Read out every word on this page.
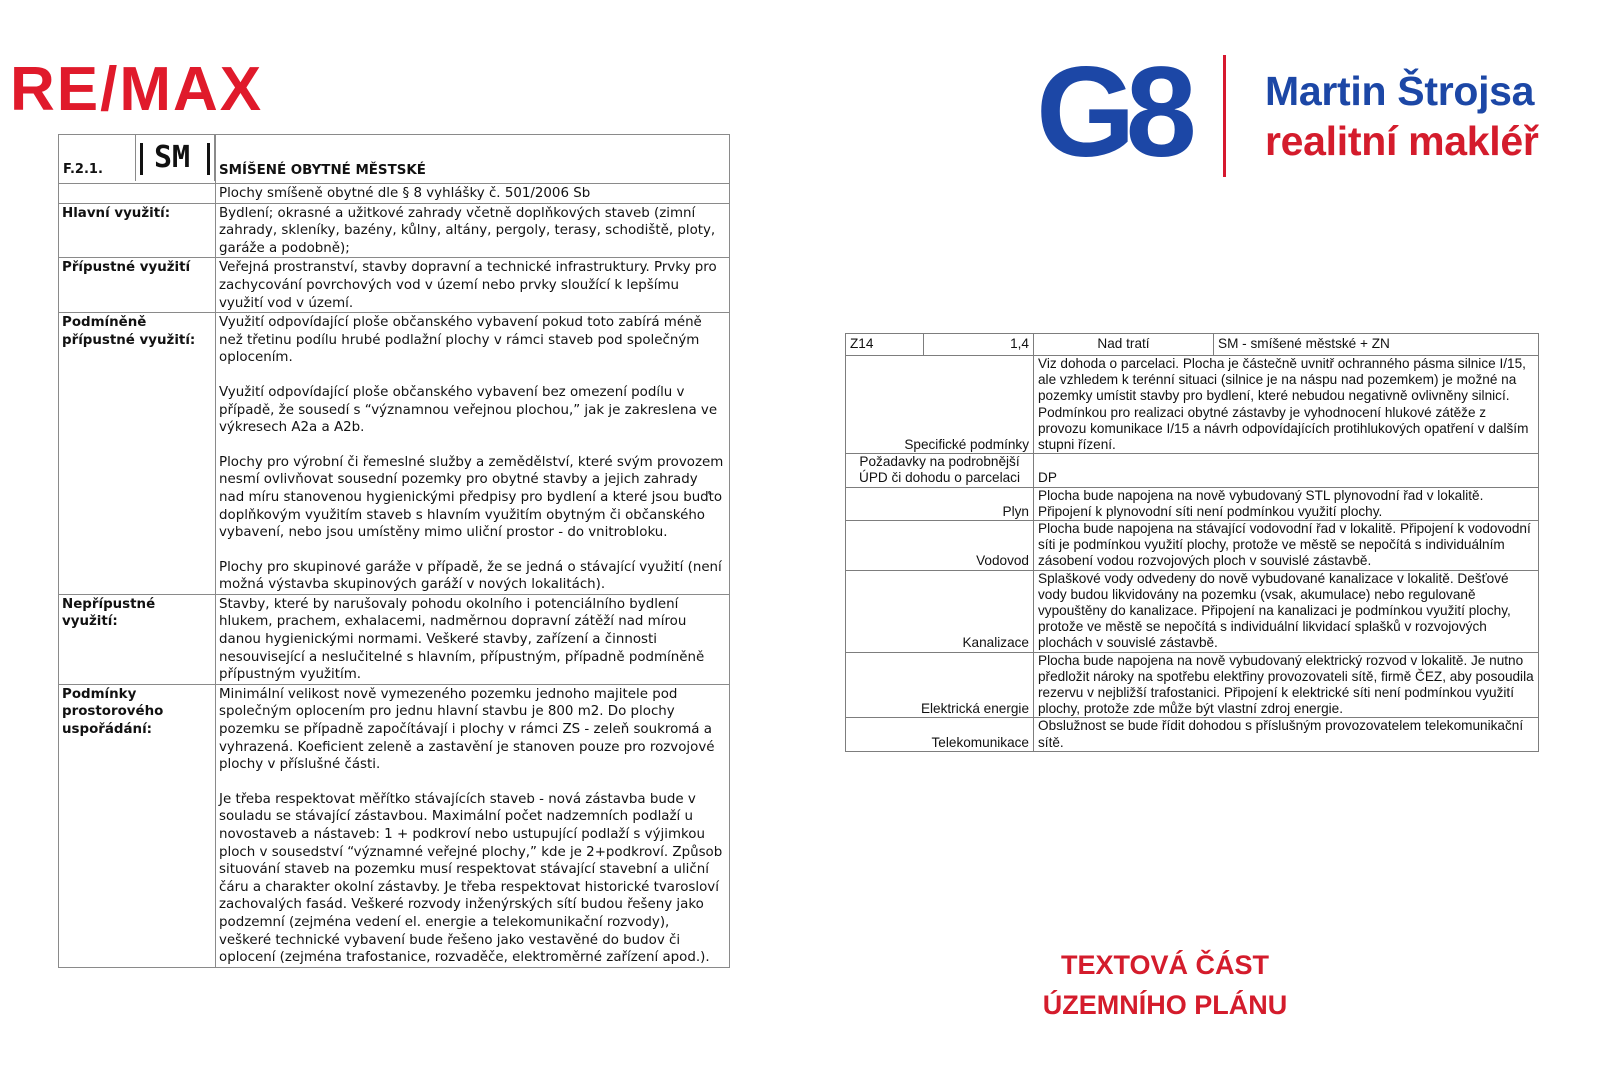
RE/MAX	G8 Martin Štrojsa
realitní makléř
F.2.1. SM	SMÍŠENÉ OBYTNÉ MĚSTSKÉ
	Plochy smíšeně obytné dle § 8 vyhlášky č. 501/2006 Sb
Hlavní využití:	Bydlení; okrasné a užitkové zahrady včetně doplňkových staveb (zimní zahrady, skleníky, bazény, kůlny, altány, pergoly, terasy, schodiště, ploty, garáže a podobně);

Přípustné využití	Veřejná prostranství, stavby dopravní a technické infrastruktury. Prvky pro zachycování povrchových vod v území nebo prvky sloužící k lepšímu využití vod v území.

Podmíněně přípustné využití:	Využití odpovídající ploše občanského vybavení pokud toto zabírá méně než třetinu podílu hrubé podlažní plochy v rámci staveb pod společným oplocením.
Využití odpovídající ploše občanského vybavení bez omezení podílu v případě, že sousedí s “významnou veřejnou plochou,” jak je zakreslena ve výkresech A2a a A2b.
Plochy pro výrobní či řemeslné služby a zemědělství, které svým provozem nesmí ovlivňovat sousední pozemky pro obytné stavby a jejich zahrady nad míru stanovenou hygienickými předpisy pro bydlení a které jsou buďto doplňkovým využitím staveb s hlavním využitím obytným či občanského vybavení, nebo jsou umístěny mimo uliční prostor - do vnitrobloku.
Plochy pro skupinové garáže v případě, že se jedná o stávající využití (není možná výstavba skupinových garáží v nových lokalitách).

Nepřípustné využití:	Stavby, které by narušovaly pohodu okolního i potenciálního bydlení hlukem, prachem, exhalacemi, nadměrnou dopravní zátěží nad mírou danou hygienickými normami. Veškeré stavby, zařízení a činnosti nesouvisející a neslučitelné s hlavním, přípustným, případně podmíněně přípustným využitím.

Podmínky prostorového uspořádání:	Minimální velikost nově vymezeného pozemku jednoho majitele pod společným oplocením pro jednu hlavní stavbu je 800 m2. Do plochy pozemku se případně započítávají i plochy v rámci ZS - zeleň soukromá a vyhrazená. Koeficient zeleně a zastavění je stanoven pouze pro rozvojové plochy v příslušné části.
Je třeba respektovat měřítko stávajících staveb - nová zástavba bude v souladu se stávající zástavbou. Maximální počet nadzemních podlaží u novostaveb a nástaveb: 1 + podkroví nebo ustupující podlaží s výjimkou ploch v sousedství “významné veřejné plochy,” kde je 2+podkroví. Způsob situování staveb na pozemku musí respektovat stávající stavební a uliční čáru a charakter okolní zástavby. Je třeba respektovat historické tvarosloví zachovalých fasád. Veškeré rozvody inženýrských sítí budou řešeny jako podzemní (zejména vedení el. energie a telekomunikační rozvody), veškeré technické vybavení bude řešeno jako vestavěné do budov či oplocení (zejména trafostanice, rozvaděče, elektroměrné zařízení apod.).
Z14	1,4	Nad tratí	SM - smíšené městské + ZN
Specifické podmínky		Viz dohoda o parcelaci. Plocha je částečně uvnitř ochranného pásma silnice I/15, ale vzhledem k terénní situaci (silnice je na náspu nad pozemkem) je možné na pozemky umístit stavby pro bydlení, které nebudou negativně ovlivněny silnicí. Podmínkou pro realizaci obytné zástavby je vyhodnocení hlukové zátěže z provozu komunikace I/15 a návrh odpovídajících protihlukových opatření v dalším stupni řízení.	
Požadavky na podrobnější ÚPD či dohodu o parcelaci		DP	
Plyn		Plocha bude napojena na nově vybudovaný STL plynovodní řad v lokalitě. Připojení k plynovodní síti není podmínkou využití plochy.	
Vodovod		Plocha bude napojena na stávající vodovodní řad v lokalitě. Připojení k vodovodní síti je podmínkou využití plochy, protože ve městě se nepočítá s individuálním zásobení vodou rozvojových ploch v souvislé zástavbě.	
Kanalizace		Splaškové vody odvedeny do nově vybudované kanalizace v lokalitě. Dešťové vody budou likvidovány na pozemku (vsak, akumulace) nebo regulovaně vypouštěny do kanalizace. Připojení na kanalizaci je podmínkou využití plochy, protože ve městě se nepočítá s individuální likvidací splašků v rozvojových plochách v souvislé zástavbě.	
Elektrická energie		Plocha bude napojena na nově vybudovaný elektrický rozvod v lokalitě. Je nutno předložit nároky na spotřebu elektřiny provozovateli sítě, firmě ČEZ, aby posoudila rezervu v nejbližší trafostanici. Připojení k elektrické síti není podmínkou využití plochy, protože zde může být vlastní zdroj energie.	
Telekomunikace		Obslužnost se bude řídit dohodou s příslušným provozovatelem telekomunikační sítě.	
TEXTOVÁ ČÁST
ÚZEMNÍHO PLÁNU
